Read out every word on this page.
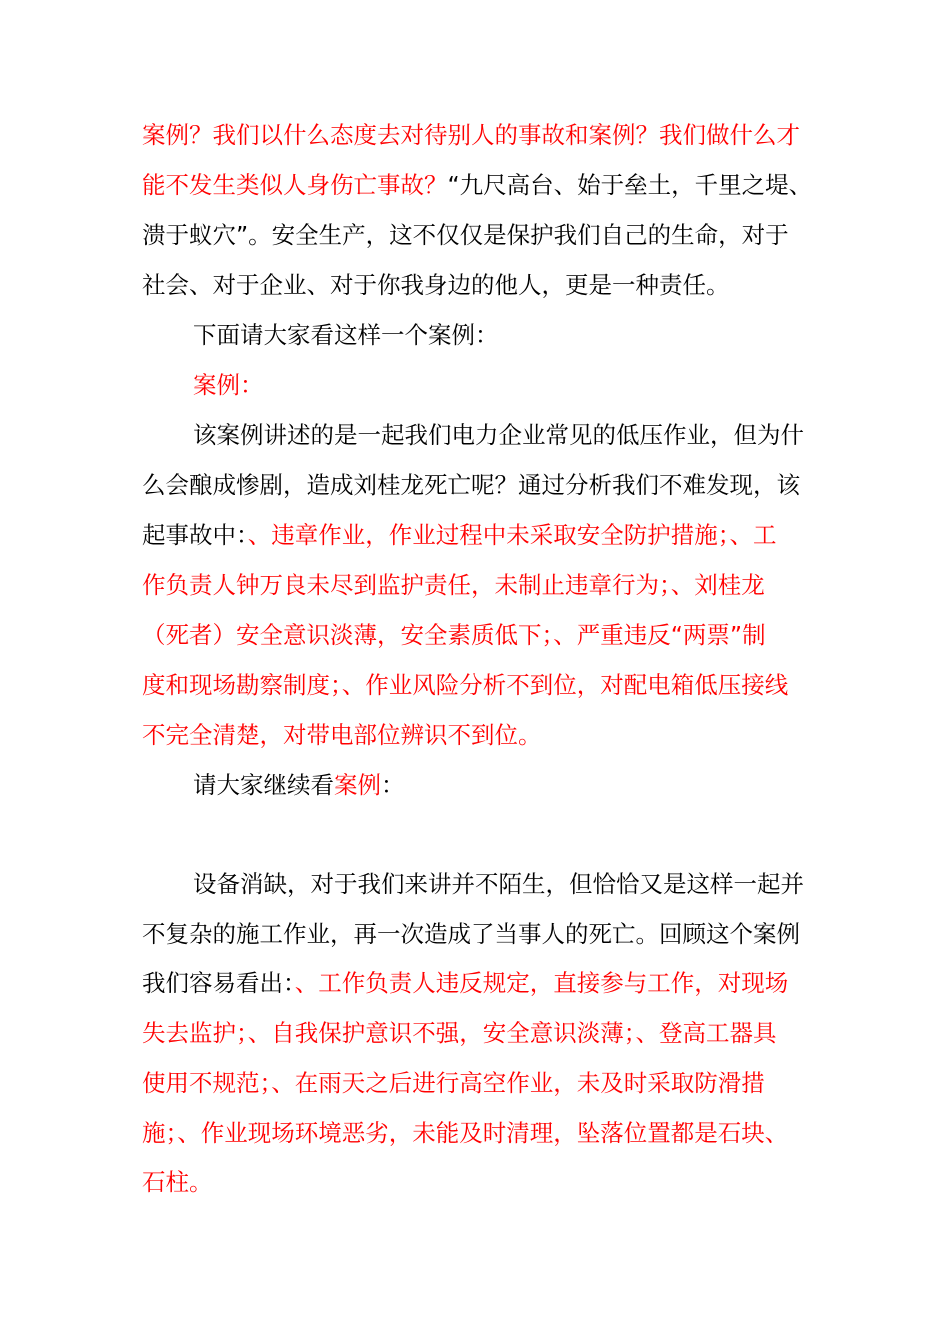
案例？我们以什么态度去对待别人的事故和案例？我们做什么才

能不发生类似人身伤亡事故？“九尺高台、始于垒土，千里之堤、

溃于蚁穴”。安全生产，这不仅仅是保护我们自己的生命，对于

社会、对于企业、对于你我身边的他人，更是一种责任。

下面请大家看这样一个案例：

案例：

该案例讲述的是一起我们电力企业常见的低压作业，但为什

么会酿成惨剧，造成刘桂龙死亡呢？通过分析我们不难发现，该

起事故中：、违章作业，作业过程中未采取安全防护措施；、工

作负责人钟万良未尽到监护责任，未制止违章行为；、刘桂龙

（死者）安全意识淡薄，安全素质低下；、严重违反“两票”制

度和现场勘察制度；、作业风险分析不到位，对配电箱低压接线

不完全清楚，对带电部位辨识不到位。

请大家继续看案例：

设备消缺，对于我们来讲并不陌生，但恰恰又是这样一起并

不复杂的施工作业，再一次造成了当事人的死亡。回顾这个案例

我们容易看出：、工作负责人违反规定，直接参与工作，对现场

失去监护；、自我保护意识不强，安全意识淡薄；、登高工器具

使用不规范；、在雨天之后进行高空作业，未及时采取防滑措

施；、作业现场环境恶劣，未能及时清理，坠落位置都是石块、

石柱。
